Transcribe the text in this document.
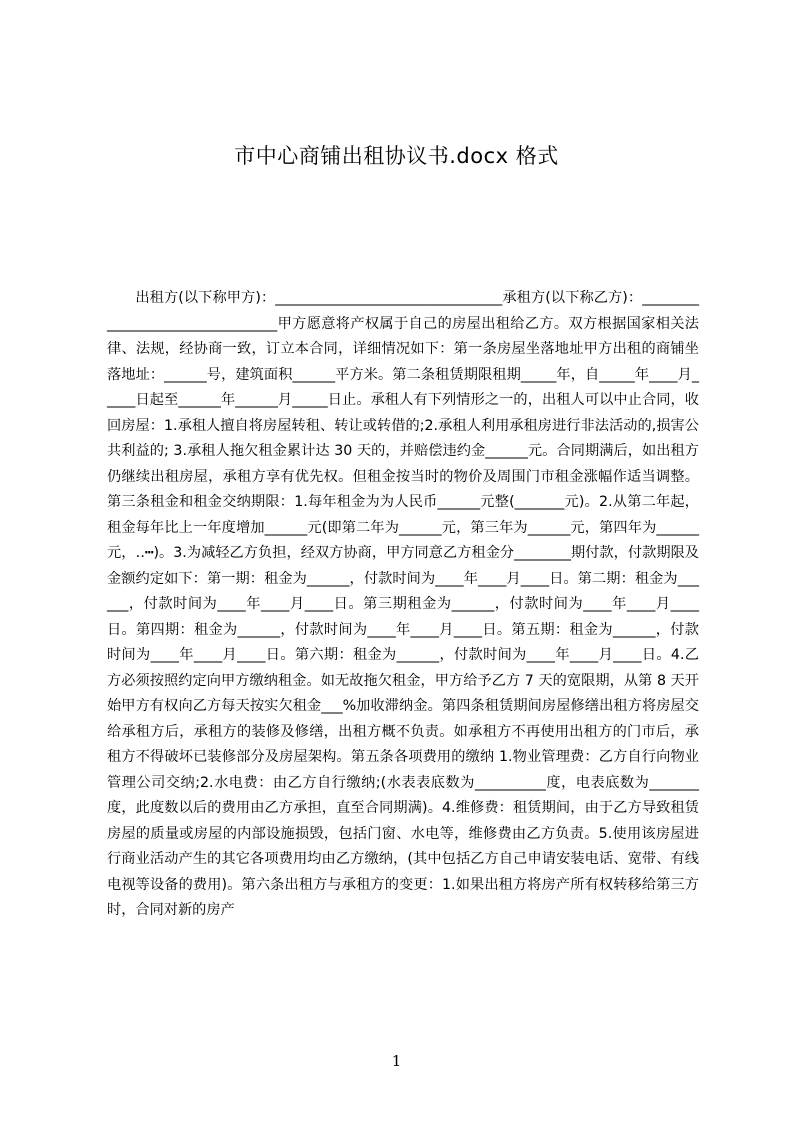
市中心商铺出租协议书.docx 格式

出租方(以下称甲方)：________________________________承租方(以下称乙方)：________________________________甲方愿意将产权属于自己的房屋出租给乙方。双方根据国家相关法律、法规，经协商一致，订立本合同，详细情况如下：第一条房屋坐落地址甲方出租的商铺坐落地址：______号，建筑面积______平方米。第二条租赁期限租期_____年，自_____年____月_____日起至______年______月_____日止。承租人有下列情形之一的，出租人可以中止合同，收回房屋：1.承租人擅自将房屋转租、转让或转借的;2.承租人利用承租房进行非法活动的,损害公共利益的; 3.承租人拖欠租金累计达 30 天的，并赔偿违约金______元。合同期满后，如出租方仍继续出租房屋，承租方享有优先权。但租金按当时的物价及周围门市租金涨幅作适当调整。第三条租金和租金交纳期限：1.每年租金为为人民币______元整(_______元)。2.从第二年起，租金每年比上一年度增加______元(即第二年为______元，第三年为______元，第四年为______元，‥┅)。3.为减轻乙方负担，经双方协商，甲方同意乙方租金分________期付款，付款期限及金额约定如下：第一期：租金为______，付款时间为____年____月____日。第二期：租金为______，付款时间为____年____月____日。第三期租金为______，付款时间为____年____月____日。第四期：租金为______，付款时间为____年____月____日。第五期：租金为______，付款时间为____年____月____日。第六期：租金为______，付款时间为____年____月____日。4.乙方必须按照约定向甲方缴纳租金。如无故拖欠租金，甲方给予乙方 7 天的宽限期，从第 8 天开始甲方有权向乙方每天按实欠租金___%加收滞纳金。第四条租赁期间房屋修缮出租方将房屋交给承租方后，承租方的装修及修缮，出租方概不负责。如承租方不再使用出租方的门市后，承租方不得破坏已装修部分及房屋架构。第五条各项费用的缴纳 1.物业管理费：乙方自行向物业管理公司交纳;2.水电费：由乙方自行缴纳;(水表表底数为__________度，电表底数为_______度，此度数以后的费用由乙方承担，直至合同期满)。4.维修费：租赁期间，由于乙方导致租赁房屋的质量或房屋的内部设施损毁，包括门窗、水电等，维修费由乙方负责。5.使用该房屋进行商业活动产生的其它各项费用均由乙方缴纳，(其中包括乙方自己申请安装电话、宽带、有线电视等设备的费用)。第六条出租方与承租方的变更：1.如果出租方将房产所有权转移给第三方时，合同对新的房产

1
